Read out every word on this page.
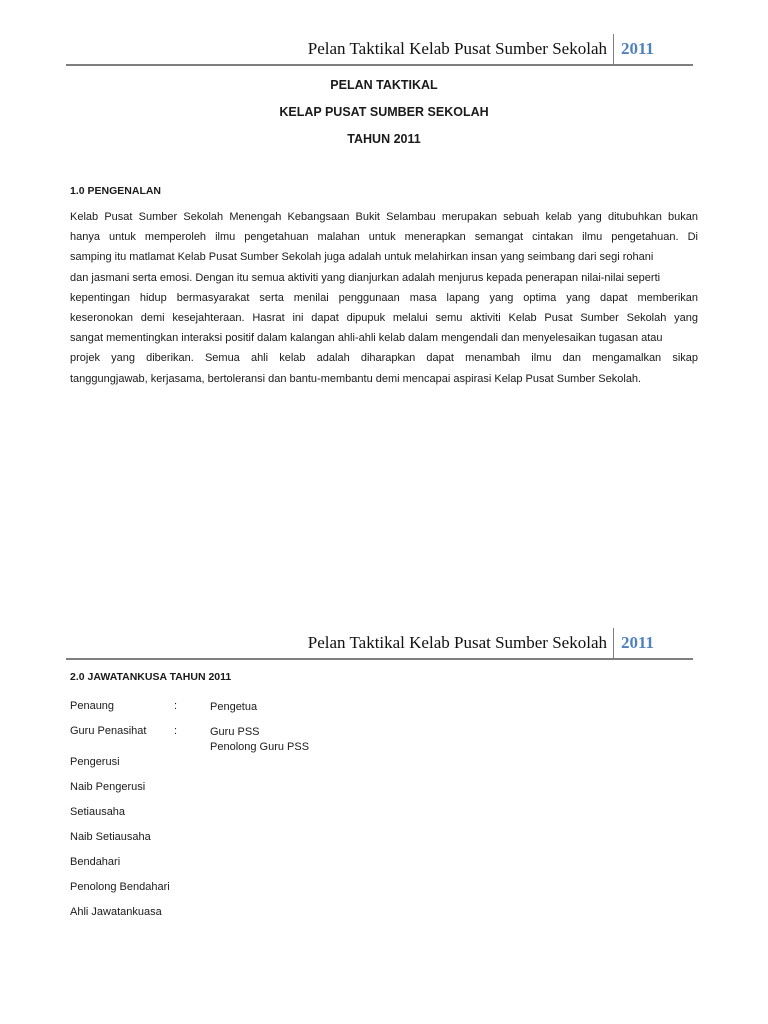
Pelan Taktikal Kelab Pusat Sumber Sekolah 2011
PELAN TAKTIKAL
KELAP PUSAT SUMBER SEKOLAH
TAHUN 2011
1.0 PENGENALAN
Kelab Pusat Sumber Sekolah Menengah Kebangsaan Bukit Selambau merupakan sebuah kelab yang ditubuhkan bukan
hanya untuk memperoleh ilmu pengetahuan malahan untuk menerapkan semangat cintakan ilmu pengetahuan. Di
samping itu matlamat Kelab Pusat Sumber Sekolah juga adalah untuk melahirkan insan yang seimbang dari segi rohani
dan jasmani serta emosi. Dengan itu semua aktiviti yang dianjurkan adalah menjurus kepada penerapan nilai-nilai seperti
kepentingan hidup bermasyarakat serta menilai penggunaan masa lapang yang optima yang dapat memberikan
keseronokan demi kesejahteraan. Hasrat ini dapat dipupuk melalui semu aktiviti Kelab Pusat Sumber Sekolah yang
sangat mementingkan interaksi positif dalam kalangan ahli-ahli kelab dalam mengendali dan menyelesaikan tugasan atau
projek yang diberikan. Semua ahli kelab adalah diharapkan dapat menambah ilmu dan mengamalkan sikap
tanggungjawab, kerjasama, bertoleransi dan bantu-membantu demi mencapai aspirasi Kelap Pusat Sumber Sekolah.
Pelan Taktikal Kelab Pusat Sumber Sekolah 2011
2.0 JAWATANKUSA TAHUN 2011
Penaung	:	Pengetua
Guru Penasihat	:	Guru PSS
Penolong Guru PSS
Pengerusi
Naib Pengerusi
Setiausaha
Naib Setiausaha
Bendahari
Penolong Bendahari
Ahli Jawatankuasa
